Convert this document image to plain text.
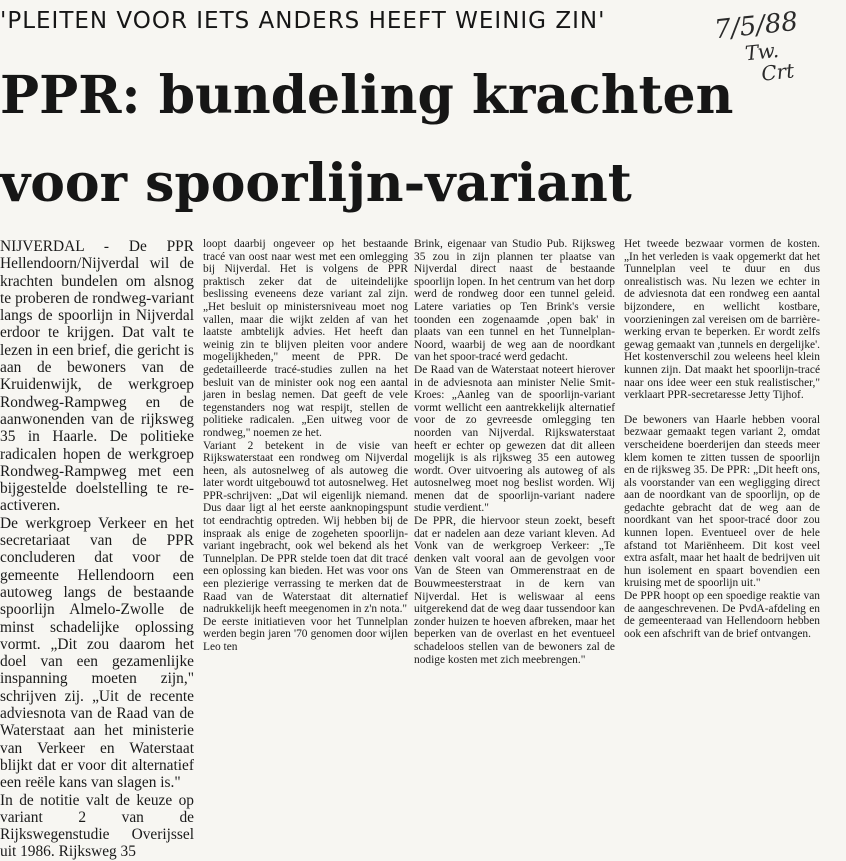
'PLEITEN VOOR IETS ANDERS HEEFT WEINIG ZIN'	7/5/88
Tw.
Crt
PPR: bundeling krachten
voor spoorlijn-variant

NIJVERDAL - De PPR Hellendoorn/Nijverdal wil de krachten bundelen om alsnog te proberen de rondweg-variant langs de spoorlijn in Nijverdal erdoor te krijgen. Dat valt te lezen in een brief, die gericht is aan de bewoners van de Kruidenwijk, de werkgroep Rondweg-Rampweg en de aanwonenden van de rijksweg 35 in Haarle. De politieke radicalen hopen de werkgroep Rondweg-Rampweg met een bijgestelde doelstelling te re-activeren.

De werkgroep Verkeer en het secretariaat van de PPR concluderen dat voor de gemeente Hellendoorn een autoweg langs de bestaande spoorlijn Almelo-Zwolle de minst schadelijke oplossing vormt. „Dit zou daarom het doel van een gezamenlijke inspanning moeten zijn," schrijven zij. „Uit de recente adviesnota van de Raad van de Waterstaat aan het ministerie van Verkeer en Waterstaat blijkt dat er voor dit alternatief een reële kans van slagen is."

In de notitie valt de keuze op variant 2 van de Rijkswegenstudie Overijssel uit 1986. Rijksweg 35

loopt daarbij ongeveer op het bestaande tracé van oost naar west met een omlegging bij Nijverdal. Het is volgens de PPR praktisch zeker dat de uiteindelijke beslissing eveneens deze variant zal zijn. „Het besluit op ministersniveau moet nog vallen, maar die wijkt zelden af van het laatste ambtelijk advies. Het heeft dan weinig zin te blijven pleiten voor andere mogelijkheden," meent de PPR. De gedetailleerde tracé-studies zullen na het besluit van de minister ook nog een aantal jaren in beslag nemen. Dat geeft de vele tegenstanders nog wat respijt, stellen de politieke radicalen. „Een uitweg voor de rondweg," noemen ze het.

Variant 2 betekent in de visie van Rijkswaterstaat een rondweg om Nijverdal heen, als autosnelweg of als autoweg die later wordt uitgebouwd tot autosnelweg. Het PPR-schrijven: „Dat wil eigenlijk niemand. Dus daar ligt al het eerste aanknopingspunt tot eendrachtig optreden. Wij hebben bij de inspraak als enige de zogeheten spoorlijn-variant ingebracht, ook wel bekend als het Tunnelplan. De PPR stelde toen dat dit tracé een oplossing kan bieden. Het was voor ons een plezierige verrassing te merken dat de Raad van de Waterstaat dit alternatief nadrukkelijk heeft meegenomen in z'n nota."

De eerste initiatieven voor het Tunnelplan werden begin jaren '70 genomen door wijlen Leo ten

Brink, eigenaar van Studio Pub. Rijksweg 35 zou in zijn plannen ter plaatse van Nijverdal direct naast de bestaande spoorlijn lopen. In het centrum van het dorp werd de rondweg door een tunnel geleid. Latere variaties op Ten Brink's versie toonden een zogenaamde ,open bak' in plaats van een tunnel en het Tunnelplan-Noord, waarbij de weg aan de noordkant van het spoor-tracé werd gedacht.

De Raad van de Waterstaat noteert hierover in de adviesnota aan minister Nelie Smit-Kroes: „Aanleg van de spoorlijn-variant vormt wellicht een aantrekkelijk alternatief voor de zo gevreesde omlegging ten noorden van Nijverdal. Rijkswaterstaat heeft er echter op gewezen dat dit alleen mogelijk is als rijksweg 35 een autoweg wordt. Over uitvoering als autoweg of als autosnelweg moet nog beslist worden. Wij menen dat de spoorlijn-variant nadere studie verdient."

De PPR, die hiervoor steun zoekt, beseft dat er nadelen aan deze variant kleven. Ad Vonk van de werkgroep Verkeer: „Te denken valt vooral aan de gevolgen voor Van de Steen van Ommerenstraat en de Bouwmeesterstraat in de kern van Nijverdal. Het is weliswaar al eens uitgerekend dat de weg daar tussendoor kan zonder huizen te hoeven afbreken, maar het beperken van de overlast en het eventueel schadeloos stellen van de bewoners zal de nodige kosten met zich meebrengen."

Het tweede bezwaar vormen de kosten. „In het verleden is vaak opgemerkt dat het Tunnelplan veel te duur en dus onrealistisch was. Nu lezen we echter in de adviesnota dat een rondweg een aantal bijzondere, en wellicht kostbare, voorzieningen zal vereisen om de barrière-werking ervan te beperken. Er wordt zelfs gewag gemaakt van ,tunnels en dergelijke'. Het kostenverschil zou weleens heel klein kunnen zijn. Dat maakt het spoorlijn-tracé naar ons idee weer een stuk realistischer," verklaart PPR-secretaresse Jetty Tijhof.

De bewoners van Haarle hebben vooral bezwaar gemaakt tegen variant 2, omdat verscheidene boerderijen dan steeds meer klem komen te zitten tussen de spoorlijn en de rijksweg 35. De PPR: „Dit heeft ons, als voorstander van een wegligging direct aan de noordkant van de spoorlijn, op de gedachte gebracht dat de weg aan de noordkant van het spoor-tracé door zou kunnen lopen. Eventueel over de hele afstand tot Mariënheem. Dit kost veel extra asfalt, maar het haalt de bedrijven uit hun isolement en spaart bovendien een kruising met de spoorlijn uit."

De PPR hoopt op een spoedige reaktie van de aangeschrevenen. De PvdA-afdeling en de gemeenteraad van Hellendoorn hebben ook een afschrift van de brief ontvangen.
